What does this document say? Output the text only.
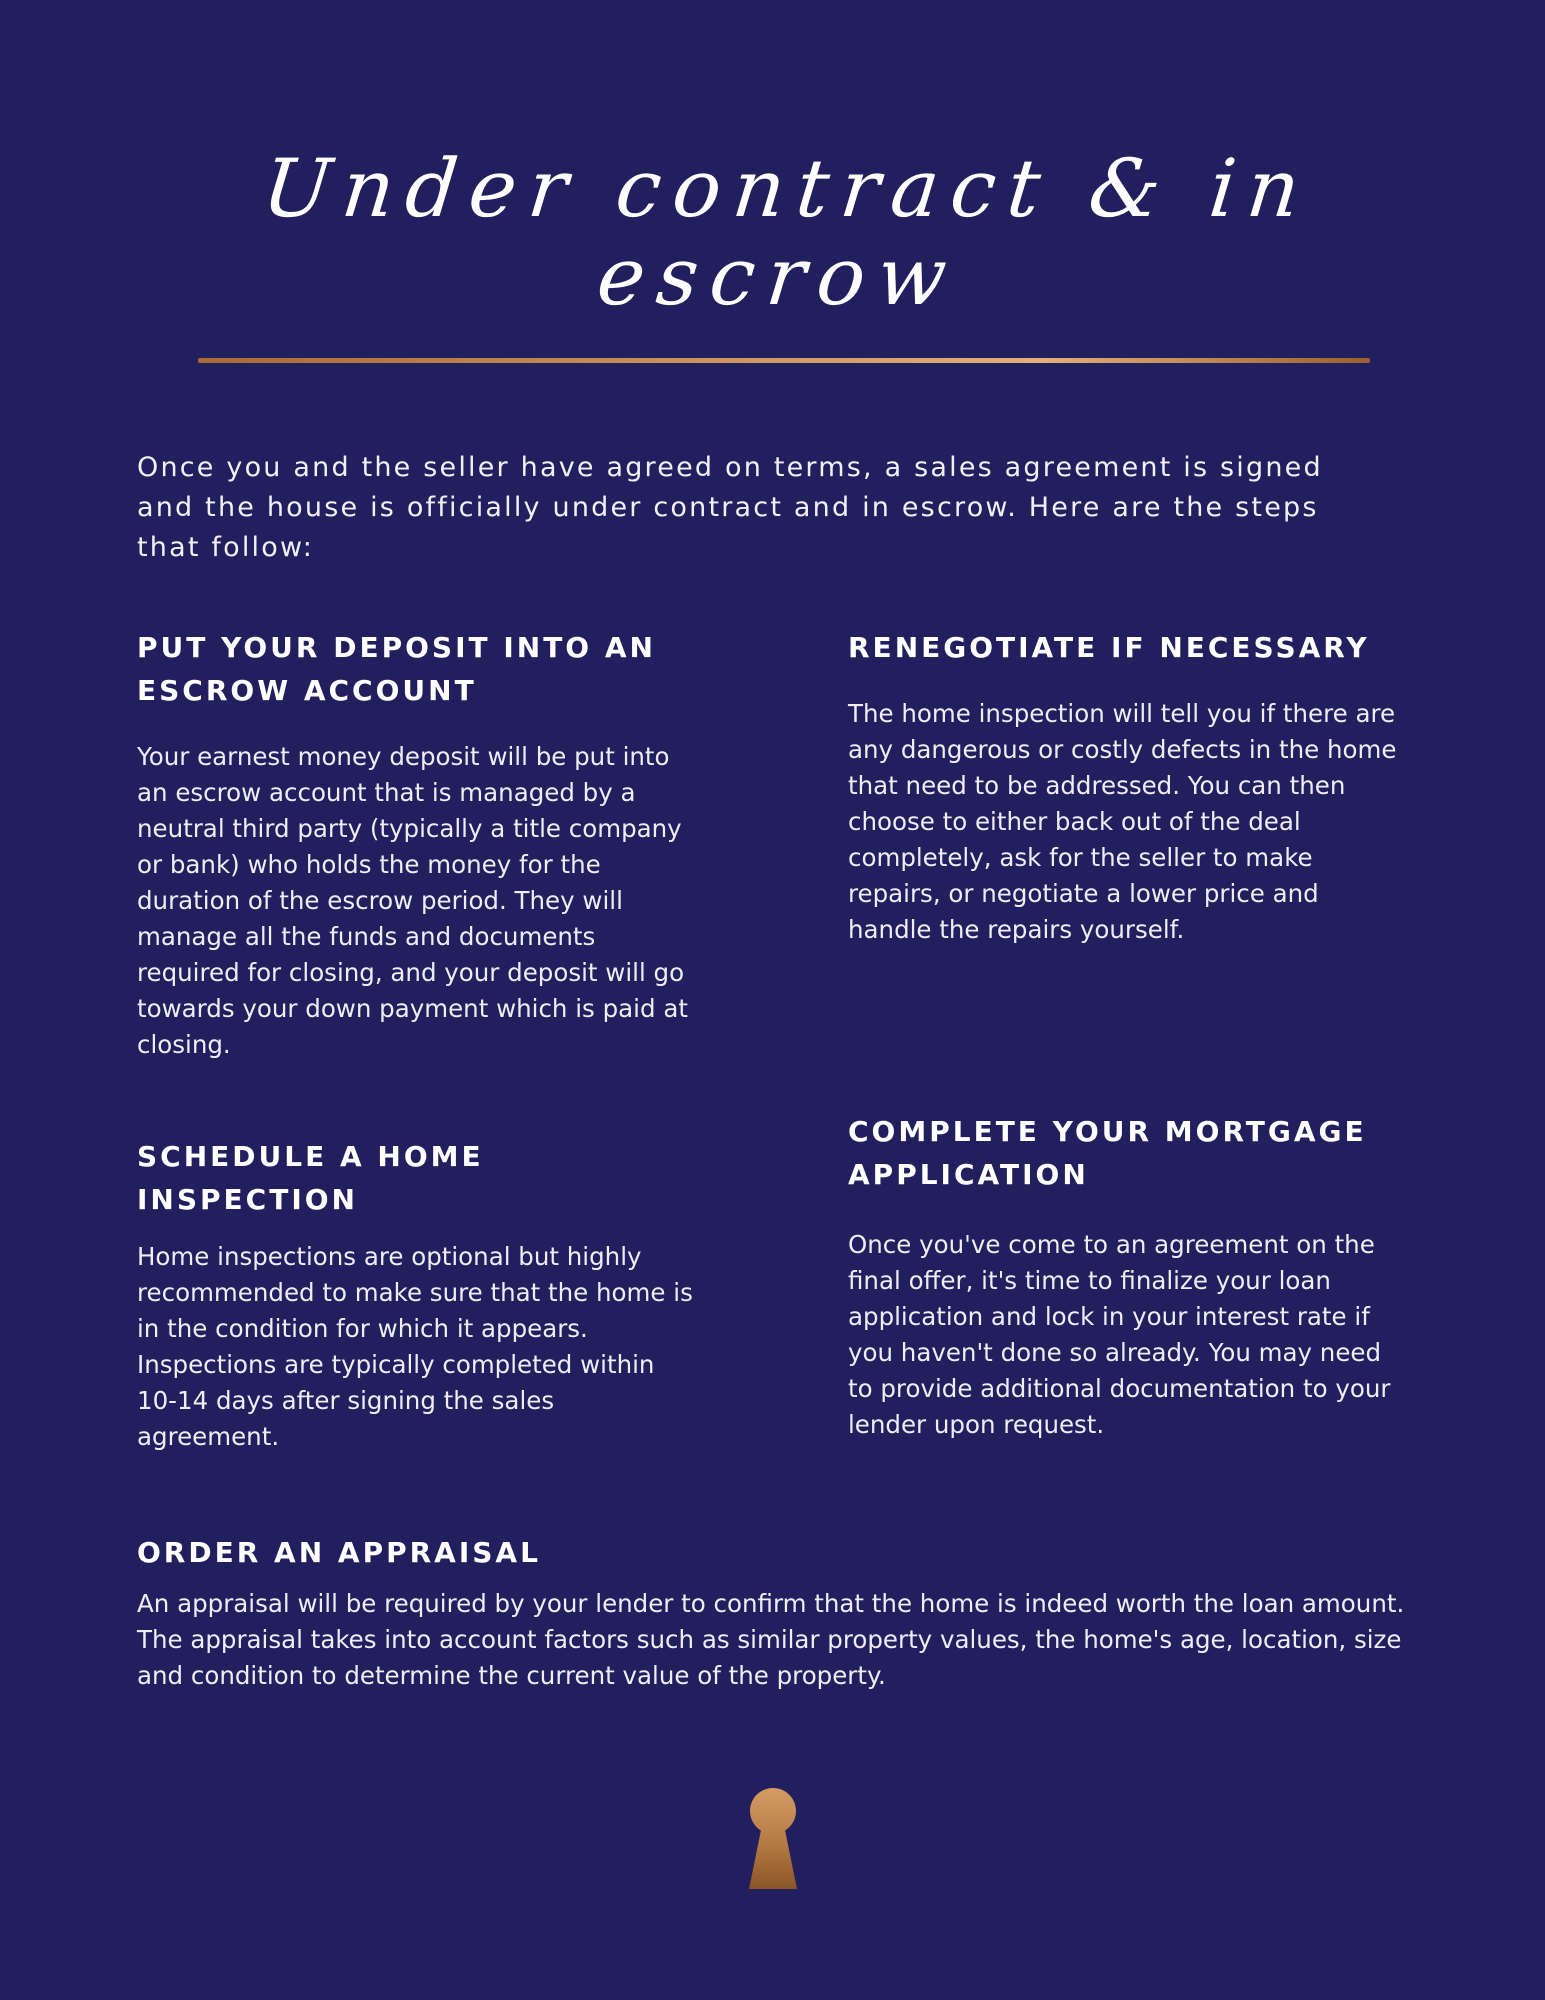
Under contract & in escrow

Once you and the seller have agreed on terms, a sales agreement is signed and the house is officially under contract and in escrow. Here are the steps that follow:

PUT YOUR DEPOSIT INTO AN ESCROW ACCOUNT

Your earnest money deposit will be put into an escrow account that is managed by a neutral third party (typically a title company or bank) who holds the money for the duration of the escrow period. They will manage all the funds and documents required for closing, and your deposit will go towards your down payment which is paid at closing.

RENEGOTIATE IF NECESSARY

The home inspection will tell you if there are any dangerous or costly defects in the home that need to be addressed. You can then choose to either back out of the deal completely, ask for the seller to make repairs, or negotiate a lower price and handle the repairs yourself.

SCHEDULE A HOME INSPECTION

Home inspections are optional but highly recommended to make sure that the home is in the condition for which it appears. Inspections are typically completed within 10-14 days after signing the sales agreement.

COMPLETE YOUR MORTGAGE APPLICATION

Once you've come to an agreement on the final offer, it's time to finalize your loan application and lock in your interest rate if you haven't done so already. You may need to provide additional documentation to your lender upon request.

ORDER AN APPRAISAL

An appraisal will be required by your lender to confirm that the home is indeed worth the loan amount. The appraisal takes into account factors such as similar property values, the home's age, location, size and condition to determine the current value of the property.
